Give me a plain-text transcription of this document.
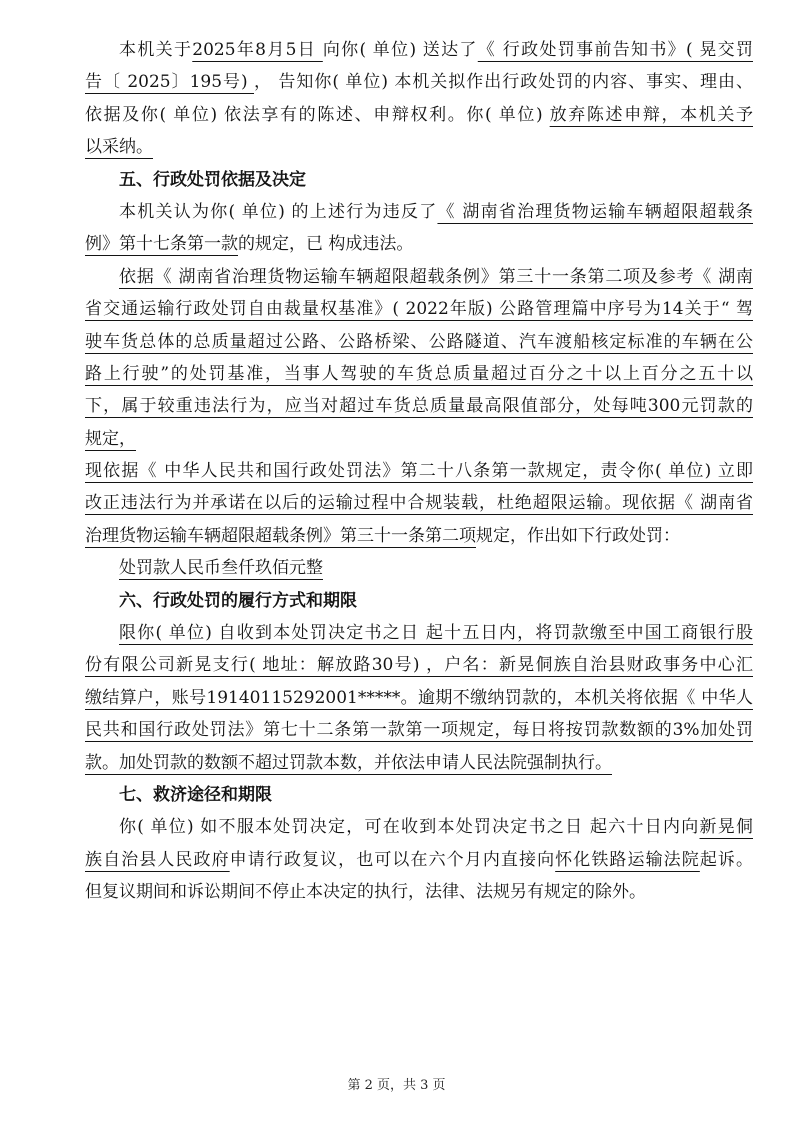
本机关于2025年8月5日 向你( 单位) 送达了《 行政处罚事前告知书》( 晃交罚
告〔 2025〕195号) ， 告知你( 单位) 本机关拟作出行政处罚的内容、事实、理由、
依据及你( 单位) 依法享有的陈述、申辩权利。你( 单位) 放弃陈述申辩，本机关予
以采纳。
五、行政处罚依据及决定
本机关认为你( 单位) 的上述行为违反了《 湖南省治理货物运输车辆超限超载条
例》第十七条第一款的规定，已 构成违法。
依据《 湖南省治理货物运输车辆超限超载条例》第三十一条第二项及参考《 湖南
省交通运输行政处罚自由裁量权基准》( 2022年版) 公路管理篇中序号为14关于“ 驾
驶车货总体的总质量超过公路、公路桥梁、公路隧道、汽车渡船核定标准的车辆在公
路上行驶”的处罚基准，当事人驾驶的车货总质量超过百分之十以上百分之五十以
下，属于较重违法行为，应当对超过车货总质量最高限值部分，处每吨300元罚款的
规定，
现依据《 中华人民共和国行政处罚法》第二十八条第一款规定，责令你( 单位) 立即
改正违法行为并承诺在以后的运输过程中合规装载，杜绝超限运输。现依据《 湖南省
治理货物运输车辆超限超载条例》第三十一条第二项规定，作出如下行政处罚：
处罚款人民币叁仟玖佰元整
六、行政处罚的履行方式和期限
限你( 单位) 自收到本处罚决定书之日 起十五日内，将罚款缴至中国工商银行股
份有限公司新晃支行( 地址：解放路30号) ，户名：新晃侗族自治县财政事务中心汇
缴结算户，账号19140115292001*****。逾期不缴纳罚款的，本机关将依据《 中华人
民共和国行政处罚法》第七十二条第一款第一项规定，每日将按罚款数额的3%加处罚
款。加处罚款的数额不超过罚款本数，并依法申请人民法院强制执行。
七、救济途径和期限
你( 单位) 如不服本处罚决定，可在收到本处罚决定书之日 起六十日内向新晃侗
族自治县人民政府申请行政复议，也可以在六个月内直接向怀化铁路运输法院起诉。
但复议期间和诉讼期间不停止本决定的执行，法律、法规另有规定的除外。
第 2 页，共 3 页
